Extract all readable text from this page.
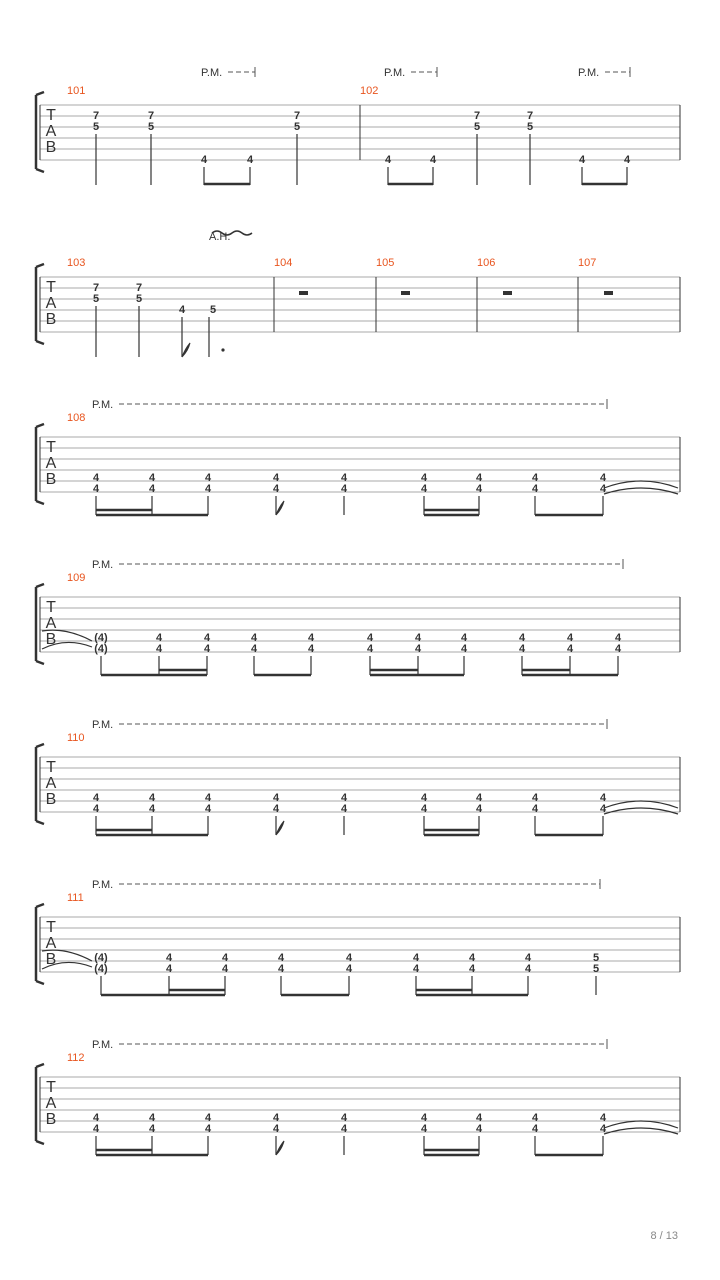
T
A
B
101	102
P.M.	P.M.	P.M.
7
5
7
5
4	4
7
5
4	4
7
5
7
5
4	4
T
A
B
103	104	105	106	107
A.H.
7
5
7
5
4 5
T
A
B
108
P.M.
4
4
4
4
4
4
4
4
4
4
4
4
4
4
4
4
4
4
T
A
B
110
P.M.
4
4
4
4
4
4
4
4
4
4
4
4
4
4
4
4
4
4
T
A
B
112
P.M.
4
4
4
4
4
4
4
4
4
4
4
4
4
4
4
4
4
4
T
A
B
109
P.M.
(4)
(4)
4
4
4
4
4
4
4
4
4
4
4
4
4
4
4
4
4
4
4
4
T
A
B
111
P.M.
(4)
(4)
4
4
4
4
4
4
4
4
4
4
4
4
4
4
5
5
8 / 13
